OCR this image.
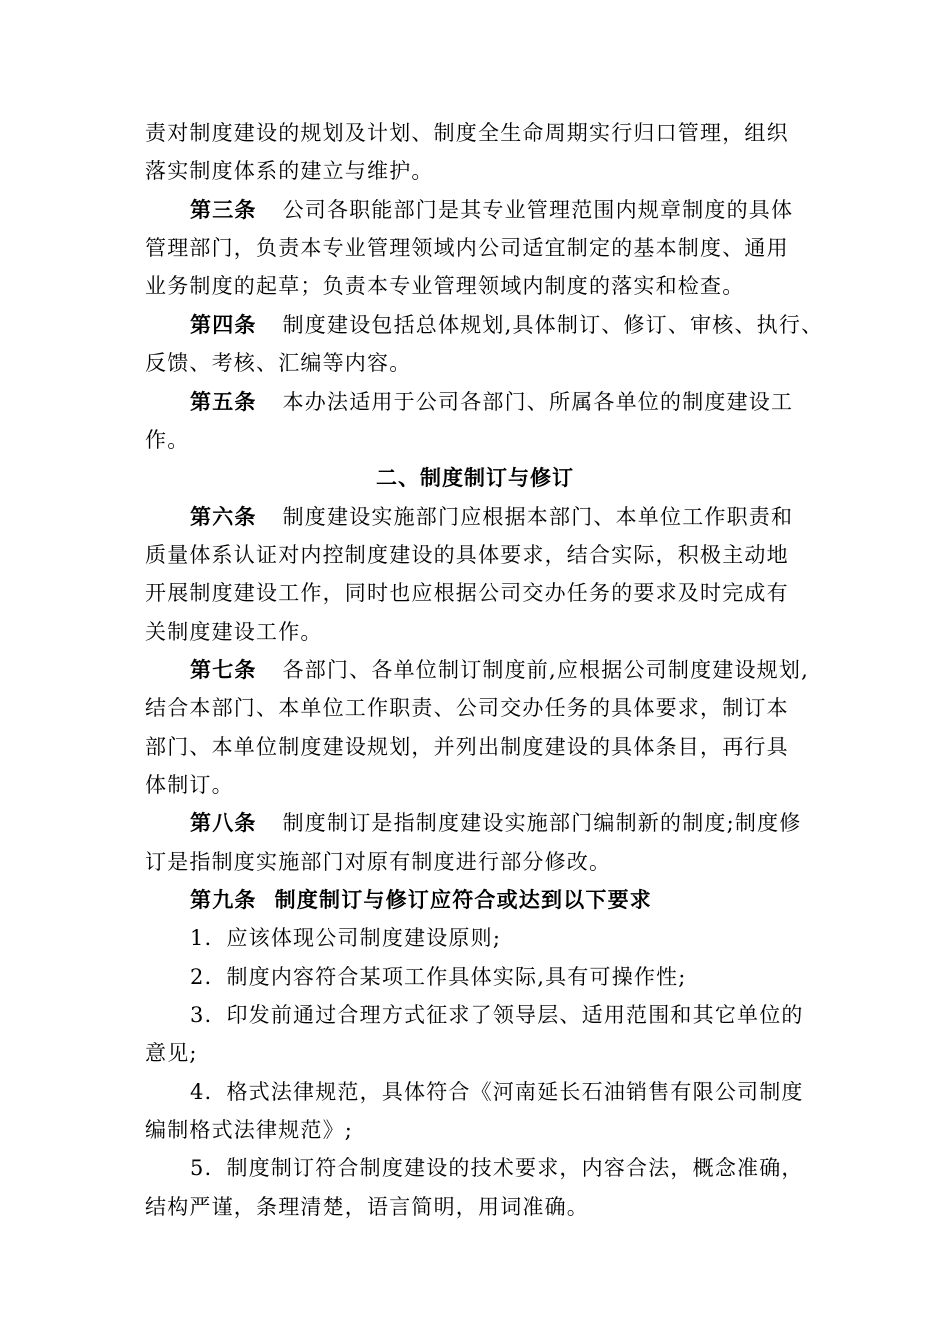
责对制度建设的规划及计划、制度全生命周期实行归口管理，组织
落实制度体系的建立与维护。
第三条 公司各职能部门是其专业管理范围内规章制度的具体
管理部门，负责本专业管理领域内公司适宜制定的基本制度、通用
业务制度的起草；负责本专业管理领域内制度的落实和检查。
第四条 制度建设包括总体规划,具体制订、修订、审核、执行、
反馈、考核、汇编等内容。
第五条 本办法适用于公司各部门、所属各单位的制度建设工
作。
二、制度制订与修订
第六条 制度建设实施部门应根据本部门、本单位工作职责和
质量体系认证对内控制度建设的具体要求，结合实际，积极主动地
开展制度建设工作，同时也应根据公司交办任务的要求及时完成有
关制度建设工作。
第七条 各部门、各单位制订制度前,应根据公司制度建设规划,
结合本部门、本单位工作职责、公司交办任务的具体要求，制订本
部门、本单位制度建设规划，并列出制度建设的具体条目，再行具
体制订。
第八条 制度制订是指制度建设实施部门编制新的制度;制度修
订是指制度实施部门对原有制度进行部分修改。
第九条 制度制订与修订应符合或达到以下要求
1. 应该体现公司制度建设原则;
2. 制度内容符合某项工作具体实际,具有可操作性;
3. 印发前通过合理方式征求了领导层、适用范围和其它单位的
意见;
4. 格式法律规范，具体符合《河南延长石油销售有限公司制度
编制格式法律规范》;
5. 制度制订符合制度建设的技术要求，内容合法，概念准确，
结构严谨，条理清楚，语言简明，用词准确。
